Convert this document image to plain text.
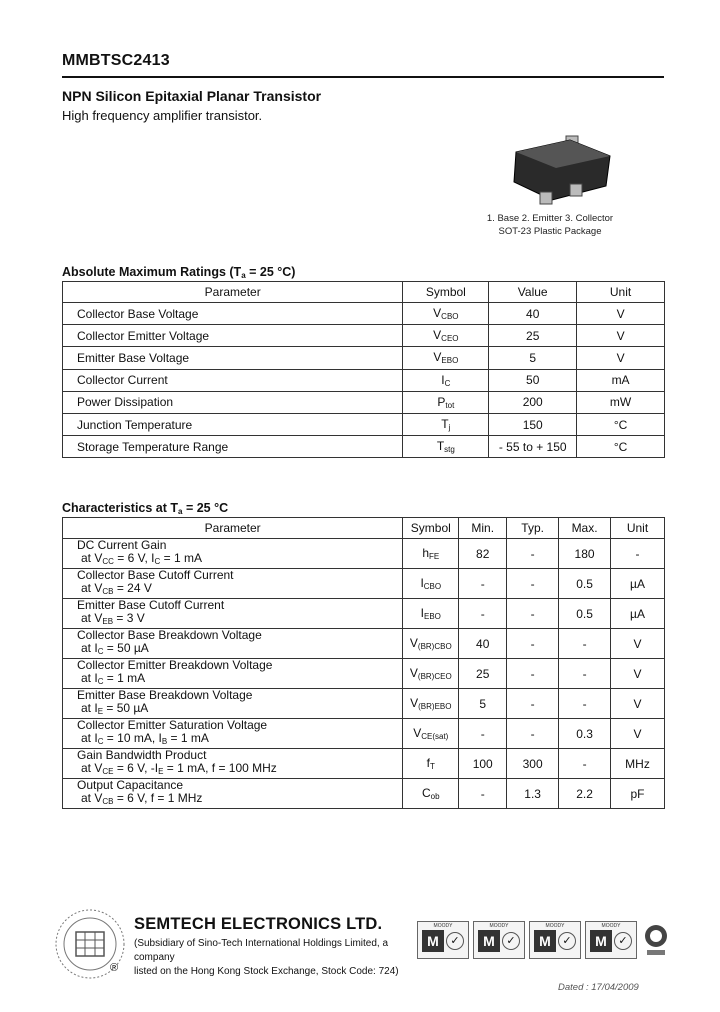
MMBTSC2413
NPN Silicon Epitaxial Planar Transistor
High frequency amplifier transistor.
1. Base 2. Emitter 3. Collector
SOT-23 Plastic Package
Absolute Maximum Ratings ($T_a = 25$ °C)
Parameter	Symbol	Value	Unit
Collector Base Voltage	$V_{CBO}$	40	V
Collector Emitter Voltage	$V_{CEO}$	25	V
Emitter Base Voltage	$V_{EBO}$	5	V
Collector Current	$I_C$	50	mA
Power Dissipation	$P_{tot}$	200	mW
Junction Temperature	$T_j$	150	°C
Storage Temperature Range	$T_{stg}$	- 55 to + 150	°C
Characteristics at $T_a = 25$ °C
Parameter	Symbol	Min.	Typ.	Max.	Unit
DC Current Gain
at $V_{CC} = 6$ V, $I_C = 1$ mA	$h_{FE}$	82	-	180	-
Collector Base Cutoff Current
at $V_{CB} = 24$ V	$I_{CBO}$	-	-	0.5	µA
Emitter Base Cutoff Current
at $V_{EB} = 3$ V	$I_{EBO}$	-	-	0.5	µA
Collector Base Breakdown Voltage
at $I_C = 50$ µA	$V_{(BR)CBO}$	40	-	-	V
Collector Emitter Breakdown Voltage
at $I_C = 1$ mA	$V_{(BR)CEO}$	25	-	-	V
Emitter Base Breakdown Voltage
at $I_E = 50$ µA	$V_{(BR)EBO}$	5	-	-	V
Collector Emitter Saturation Voltage
at $I_C = 10$ mA, $I_B = 1$ mA	$V_{CE(sat)}$	-	-	0.3	V
Gain Bandwidth Product
at $V_{CE} = 6$ V, $-I_E = 1$ mA, f = 100 MHz	$f_T$	100	300	-	MHz
Output Capacitance
at $V_{CB} = 6$ V, f = 1 MHz	$C_{ob}$	-	1.3	2.2	pF
®
SEMTECH ELECTRONICS LTD.
(Subsidiary of Sino-Tech International Holdings Limited, a company
listed on the Hong Kong Stock Exchange, Stock Code: 724)
MOODY
M	✓
MOODY
M	✓
MOODY
M	✓
MOODY
M	✓
Dated : 17/04/2009
